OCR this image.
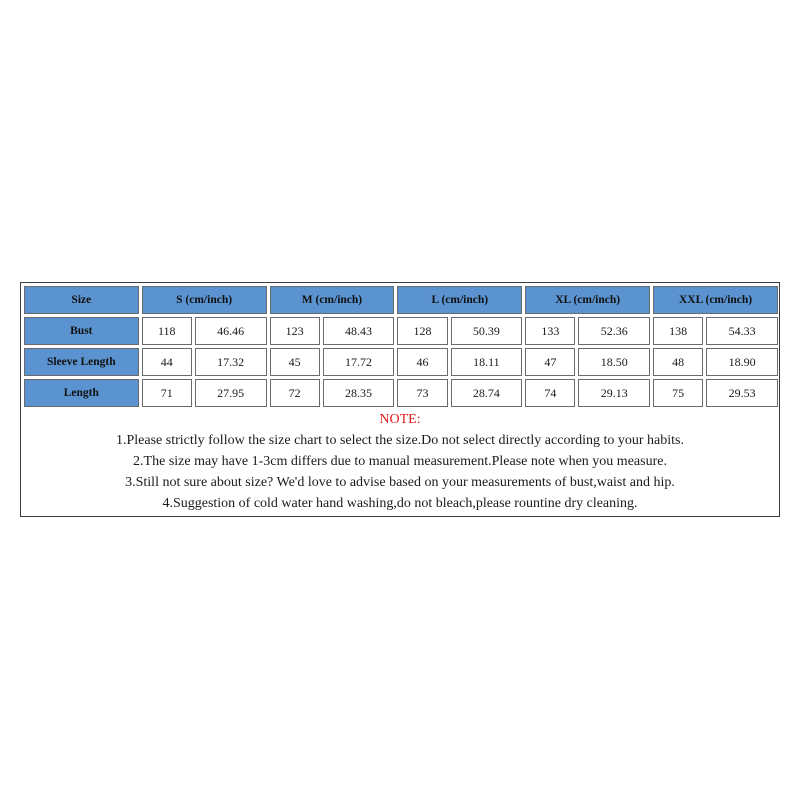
Size	S (cm/inch)		M (cm/inch)		L (cm/inch)		XL (cm/inch)		XXL (cm/inch)	
Bust	118	46.46	123	48.43	128	50.39	133	52.36	138	54.33
Sleeve Length	44	17.32	45	17.72	46	18.11	47	18.50	48	18.90
Length	71	27.95	72	28.35	73	28.74	74	29.13	75	29.53
NOTE:
1.Please strictly follow the size chart to select the size.Do not select directly according to your habits.
2.The size may have 1-3cm differs due to manual measurement.Please note when you measure.
3.Still not sure about size? We'd love to advise based on your measurements of bust,waist and hip.
4.Suggestion of cold water hand washing,do not bleach,please rountine dry cleaning.
